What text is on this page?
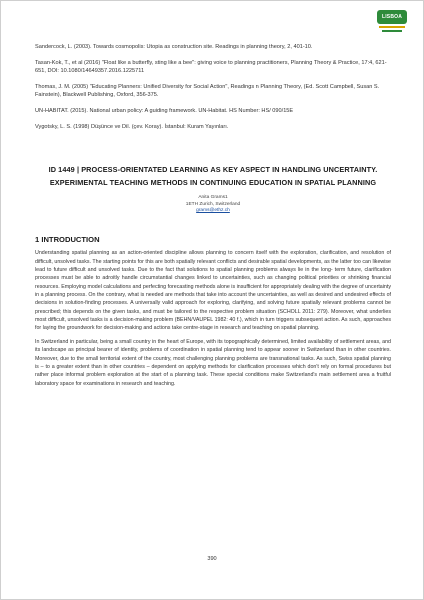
LISBOA

Sandercock, L. (2003). Towards cosmopolis: Utopia as construction site. Readings in planning theory, 2, 401-10.

Tasan-Kok, T., et al (2016) "Float like a butterfly, sting like a bee": giving voice to planning practitioners, Planning Theory & Practice, 17:4, 621-651, DOI: 10.1080/14649357.2016.1225711

Thomas, J. M. (2005) "Educating Planners: Unified Diversity for Social Action", Readings n Planning Theory, (Ed. Scott Campbell, Susan S. Fainstein), Blackwell Publishing, Oxford, 356-375.

UN-HABITAT. (2015). National urban policy: A guiding framework. UN-Habitat. HS Number: HS/ 090/15E

Vygotsky, L. S. (1998) Düşünce ve Dil. (çev. Koray). İstanbul: Kuram Yayınları.

ID 1449 | PROCESS-ORIENTATED LEARNING AS KEY ASPECT IN HANDLING UNCERTAINTY. EXPERIMENTAL TEACHING METHODS IN CONTINUING EDUCATION IN SPATIAL PLANNING
Anita Grams1
1ETH Zurich, Switzerland
grams@ethz.ch
1 INTRODUCTION

Understanding spatial planning as an action-oriented discipline allows planning to concern itself with the exploration, clarification, and resolution of difficult, unsolved tasks. The starting points for this are both spatially relevant conflicts and desirable spatial developments, as the latter too can likewise lead to future difficult and unsolved tasks. Due to the fact that solutions to spatial planning problems always lie in the long- term future, clarification processes must be able to adroitly handle circumstantial changes linked to uncertainties, such as changing political priorities or shrinking financial resources. Employing model calculations and perfecting forecasting methods alone is insufficient for appropriately dealing with the degree of uncertainty in a planning process. On the contrary, what is needed are methods that take into account the uncertainties, as well as desired and undesired effects of decisions in solution-finding processes. A universally valid approach for exploring, clarifying, and solving future spatially relevant problems cannot be prescribed; this depends on the given tasks, and must be tailored to the respective problem situation (SCHOLL 2011: 279). Moreover, what underlies most difficult, unsolved tasks is a decision-making problem (BEHN/VAUPEL 1982: 40 f.), which in turn triggers subsequent action. As such, approaches for laying the groundwork for decision-making and actions take centre-stage in research and teaching on spatial planning.

In Switzerland in particular, being a small country in the heart of Europe, with its topographically determined, limited availability of settlement areas, and its landscape as principal bearer of identity, problems of coordination in spatial planning tend to appear sooner in Switzerland than in other countries. Moreover, due to the small territorial extent of the country, most challenging planning problems are transnational tasks. As such, Swiss spatial planning is – to a greater extent than in other countries – dependent on applying methods for clarification processes which don't rely on formal procedures but rather place informal problem exploration at the start of a planning task. These special conditions make Switzerland's main settlement area a fruitful laboratory space for examinations in research and teaching.

390
